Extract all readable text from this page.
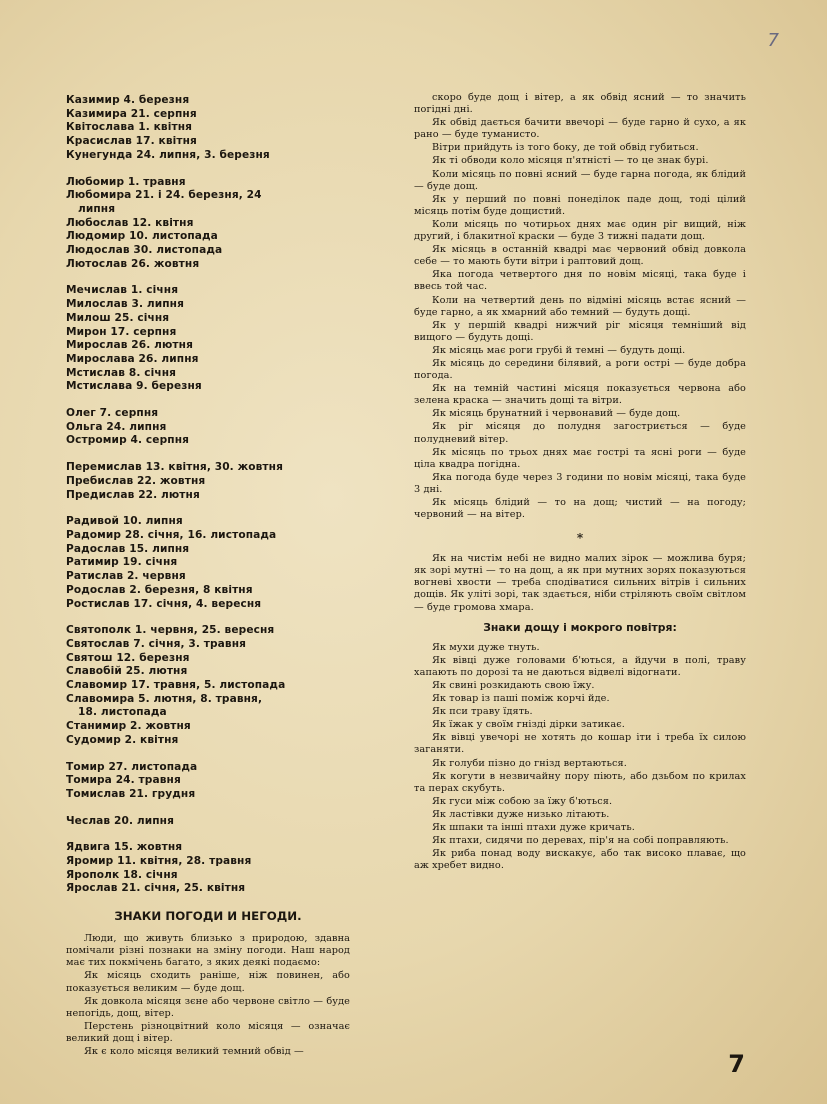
7
Казимир 4. березня
Казимира 21. серпня
Квітослава 1. квітня
Красислав 17. квітня
Кунегунда 24. липня, 3. березня
Любомир 1. травня
Любомира 21. і 24. березня, 24
липня
Любослав 12. квітня
Людомир 10. листопада
Людослав 30. листопада
Лютослав 26. жовтня
Мечислав 1. січня
Милослав 3. липня
Милош 25. січня
Мирон 17. серпня
Мирослав 26. лютня
Мирослава 26. липня
Мстислав 8. січня
Мстислава 9. березня
Олег 7. серпня
Ольга 24. липня
Остромир 4. серпня
Перемислав 13. квітня, 30. жовтня
Пребислав 22. жовтня
Предислав 22. лютня
Радивой 10. липня
Радомир 28. січня, 16. листопада
Радослав 15. липня
Ратимир 19. січня
Ратислав 2. червня
Родослав 2. березня, 8 квітня
Ростислав 17. січня, 4. вересня
Святополк 1. червня, 25. вересня
Святослав 7. січня, 3. травня
Святош 12. березня
Славобій 25. лютня
Славомир 17. травня, 5. листопада
Славомира 5. лютня, 8. травня,
18. листопада
Станимир 2. жовтня
Судомир 2. квітня
Томир 27. листопада
Томира 24. травня
Томислав 21. грудня
Чеслав 20. липня
Ядвига 15. жовтня
Яромир 11. квітня, 28. травня
Ярополк 18. січня
Ярослав 21. січня, 25. квітня
ЗНАКИ ПОГОДИ И НЕГОДИ.

Люди, що живуть близько з природою, здавна помічали різні познаки на зміну погоди. Наш народ має тих покмічень багато, з яких деякі подаємо:

Як місяць сходить раніше, ніж повинен, або показується великим — буде дощ.

Як довкола місяця зєне або червоне світло — буде непогідь, дощ, вітер.

Перстень різноцвітний коло місяця — означає великий дощ і вітер.

Як є коло місяця великий темний обвід —

скоро буде дощ і вітер, а як обвід ясний — то значить погідні дні.

Як обвід дається бачити ввечорі — буде гарно й сухо, а як рано — буде туманисто.

Вітри прийдуть із того боку, де той обвід губиться.

Як ті обводи коло місяця п'ятністі — то це знак бурі.

Коли місяць по повні ясний — буде гарна погода, як блідий — буде дощ.

Як у перший по повні понеділок паде дощ, тоді цілий місяць потім буде дощистий.

Коли місяць по чотирьох днях має один ріг вищий, ніж другий, і блакитної краски — буде 3 тижні падати дощ.

Як місяць в останній квадрі має червоний обвід довкола себе — то мають бути вітри і раптовий дощ.

Яка погода четвертого дня по новім місяці, така буде і ввесь той час.

Коли на четвертий день по відміні місяць встає ясний — буде гарно, а як хмарний або темний — будуть дощі.

Як у першій квадрі нижчий ріг місяця темніший від вищого — будуть дощі.

Як місяць має роги грубі й темні — будуть дощі.

Як місяць до середини білявий, а роги острі — буде добра погода.

Як на темній частині місяця показується червона або зелена краска — значить дощі та вітри.

Як місяць брунатний і червонавий — буде дощ.

Як ріг місяця до полудня загостриється — буде полудневий вітер.

Як місяць по трьох днях має гострі та ясні роги — буде ціла квадра погідна.

Яка погода буде через 3 години по новім місяці, така буде 3 дні.

Як місяць блідий — то на дощ; чистий — на погоду; червоний — на вітер.

*

Як на чистім небі не видно малих зірок — можлива буря; як зорі мутні — то на дощ, а як при мутних зорях показуються вогневі хвости — треба сподіватися сильних вітрів і сильних дощів. Як уліті зорі, так здається, ніби стріляють своїм світлом — буде громова хмара.

Знаки дощу і мокрого повітря:

Як мухи дуже тнуть.

Як вівці дуже головами б'ються, а йдучи в полі, траву хапають по дорозі та не даються відвелі відогнати.

Як свині розкидають свою їжу.

Як товар із паші поміж корчі йде.

Як пси траву їдять.

Як їжак у своїм гнізді дірки затикає.

Як вівці увечорі не хотять до кошар іти і треба їх силою заганяти.

Як голуби пізно до гнізд вертаються.

Як когути в незвичайну пору піють, або дзьбом по крилах та перах скубуть.

Як гуси між собою за їжу б'ються.

Як ластівки дуже низько літають.

Як шпаки та інші птахи дуже кричать.

Як птахи, сидячи по деревах, пір'я на собі поправляють.

Як риба понад воду вискакує, або так високо плаває, що аж хребет видно.

7
